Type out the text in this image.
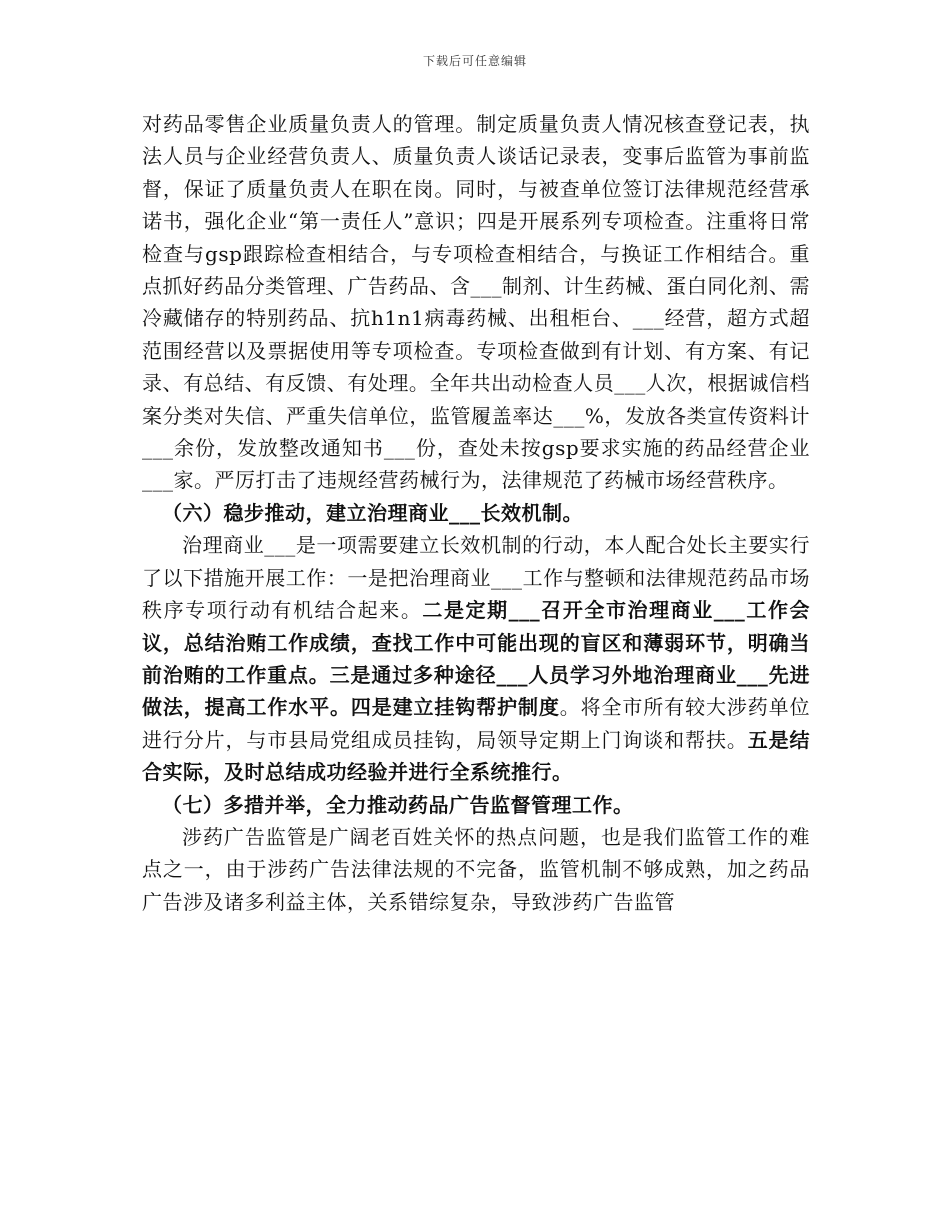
下载后可任意编辑

对药品零售企业质量负责人的管理。制定质量负责人情况核查登记表，执法人员与企业经营负责人、质量负责人谈话记录表，变事后监管为事前监督，保证了质量负责人在职在岗。同时，与被查单位签订法律规范经营承诺书，强化企业“第一责任人”意识；四是开展系列专项检查。注重将日常检查与gsp跟踪检查相结合，与专项检查相结合，与换证工作相结合。重点抓好药品分类管理、广告药品、含___制剂、计生药械、蛋白同化剂、需冷藏储存的特别药品、抗h1n1病毒药械、出租柜台、___经营，超方式超范围经营以及票据使用等专项检查。专项检查做到有计划、有方案、有记录、有总结、有反馈、有处理。全年共出动检查人员___人次，根据诚信档案分类对失信、严重失信单位，监管履盖率达___%，发放各类宣传资料计___余份，发放整改通知书___份，查处未按gsp要求实施的药品经营企业___家。严厉打击了违规经营药械行为，法律规范了药械市场经营秩序。

（六）稳步推动，建立治理商业___长效机制。

治理商业___是一项需要建立长效机制的行动，本人配合处长主要实行了以下措施开展工作：一是把治理商业___工作与整顿和法律规范药品市场秩序专项行动有机结合起来。二是定期___召开全市治理商业___工作会议，总结治贿工作成绩，查找工作中可能出现的盲区和薄弱环节，明确当前治贿的工作重点。三是通过多种途径___人员学习外地治理商业___先进做法，提高工作水平。四是建立挂钩帮护制度。将全市所有较大涉药单位进行分片，与市县局党组成员挂钩，局领导定期上门询谈和帮扶。五是结合实际，及时总结成功经验并进行全系统推行。

（七）多措并举，全力推动药品广告监督管理工作。

涉药广告监管是广阔老百姓关怀的热点问题，也是我们监管工作的难点之一，由于涉药广告法律法规的不完备，监管机制不够成熟，加之药品广告涉及诸多利益主体，关系错综复杂，导致涉药广告监管
